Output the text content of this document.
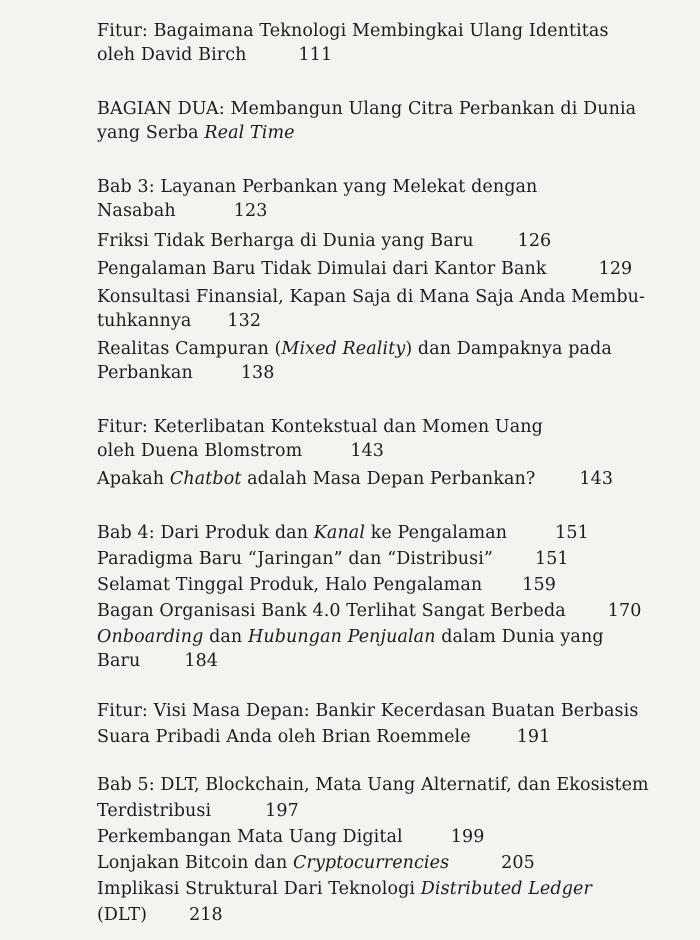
Fitur: Bagaimana Teknologi Membingkai Ulang Identitas
oleh David Birch	111
BAGIAN DUA: Membangun Ulang Citra Perbankan di Dunia
yang Serba Real Time
Bab 3: Layanan Perbankan yang Melekat dengan
Nasabah	123
Friksi Tidak Berharga di Dunia yang Baru	126
Pengalaman Baru Tidak Dimulai dari Kantor Bank	129
Konsultasi Finansial, Kapan Saja di Mana Saja Anda Membu-
tuhkannya 132
Realitas Campuran (Mixed Reality) dan Dampaknya pada
Perbankan	138
Fitur: Keterlibatan Kontekstual dan Momen Uang
oleh Duena Blomstrom	143
Apakah Chatbot adalah Masa Depan Perbankan?	143
Bab 4: Dari Produk dan Kanal ke Pengalaman	151
Paradigma Baru “Jaringan” dan “Distribusi” 151
Selamat Tinggal Produk, Halo Pengalaman 159
Bagan Organisasi Bank 4.0 Terlihat Sangat Berbeda 170
Onboarding dan Hubungan Penjualan dalam Dunia yang
Baru	184
Fitur: Visi Masa Depan: Bankir Kecerdasan Buatan Berbasis
Suara Pribadi Anda oleh Brian Roemmele	191
Bab 5: DLT, Blockchain, Mata Uang Alternatif, dan Ekosistem
Terdistribusi	197
Perkembangan Mata Uang Digital	199
Lonjakan Bitcoin dan Cryptocurrencies	205
Implikasi Struktural Dari Teknologi Distributed Ledger
(DLT) 218
